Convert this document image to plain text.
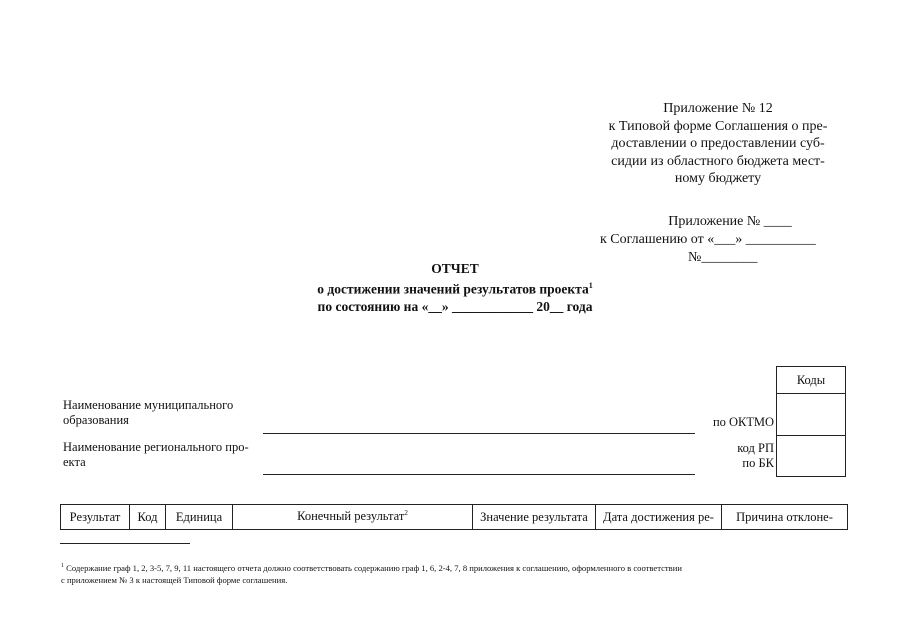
Приложение № 12
к Типовой форме Соглашения о пре-
доставлении о предоставлении суб-
сидии из областного бюджета мест-
ному бюджету
Приложение № ____
к Соглашению от «___» __________
№________
ОТЧЕТ
о достижении значений результатов проекта$^1$
по состоянию на «__» ____________ 20__ года
Наименование муниципального
образования
Наименование регионального про-
екта
по ОКТМО
код РП
по БК
Коды
Результат	Код	Единица	Конечный результат$^2$	Значение результата	Дата достижения ре-	Причина отклоне-
$^1$ Содержание граф 1, 2, 3-5, 7, 9, 11 настоящего отчета должно соответствовать содержанию граф 1, 6, 2-4, 7, 8 приложения к соглашению, оформленного в соответствии
с приложением № 3 к настоящей Типовой форме соглашения.
